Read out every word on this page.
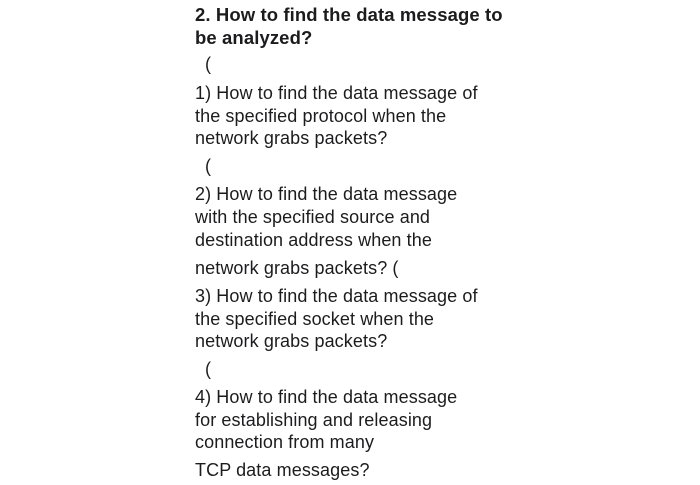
2. How to find the data message to
be analyzed?
(
1) How to find the data message of
the specified protocol when the
network grabs packets?
(
2) How to find the data message
with the specified source and
destination address when the
network grabs packets? (
3) How to find the data message of
the specified socket when the
network grabs packets?
(
4) How to find the data message
for establishing and releasing
connection from many
TCP data messages?
